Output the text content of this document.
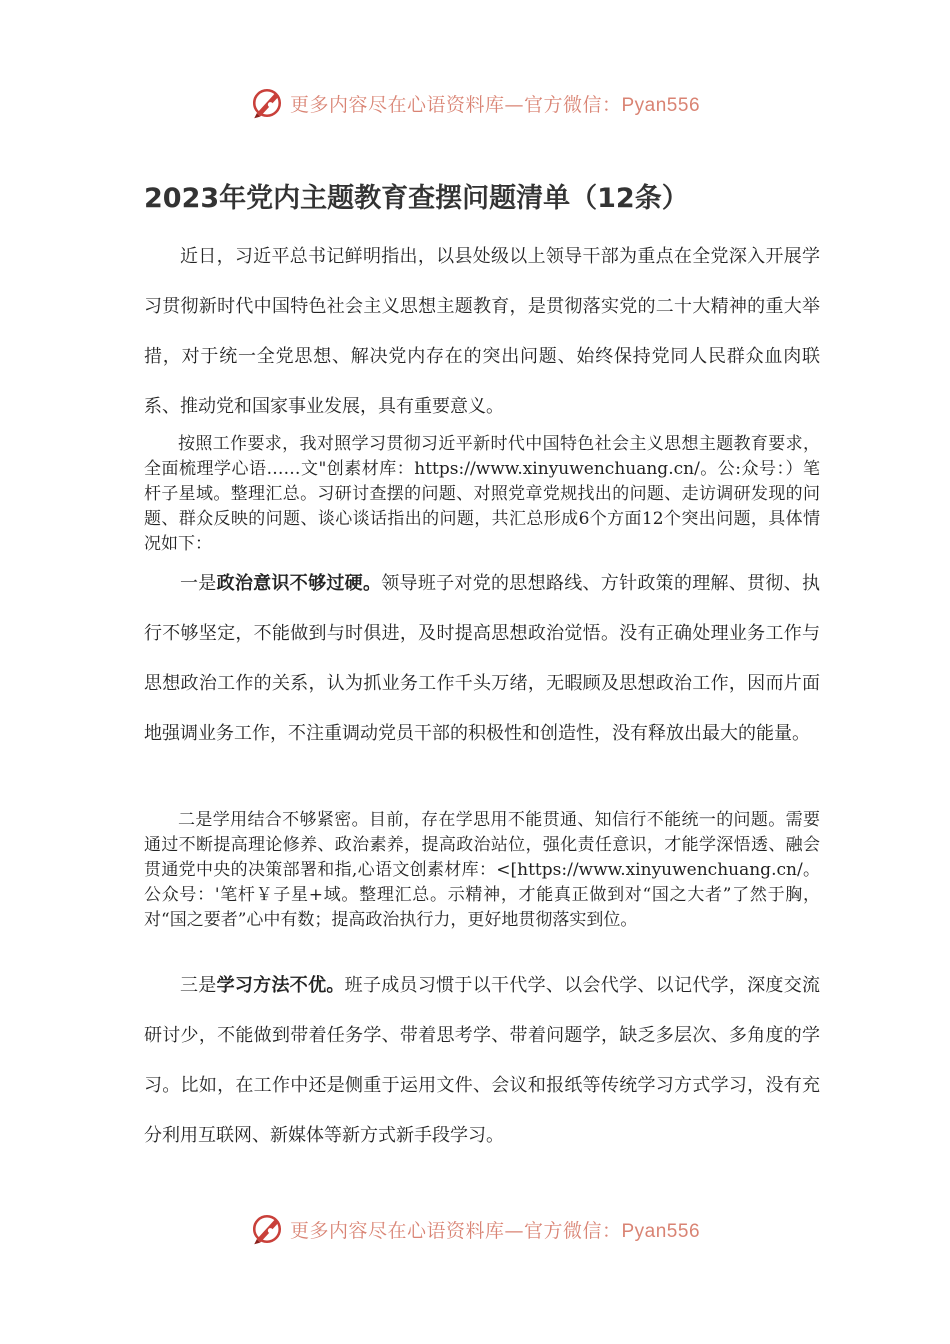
更多内容尽在心语资料库—官方微信：Pyan556
2023年党内主题教育查摆问题清单（12条）

近日，习近平总书记鲜明指出，以县处级以上领导干部为重点在全党深入开展学习贯彻新时代中国特色社会主义思想主题教育，是贯彻落实党的二十大精神的重大举措，对于统一全党思想、解决党内存在的突出问题、始终保持党同人民群众血肉联系、推动党和国家事业发展，具有重要意义。

按照工作要求，我对照学习贯彻习近平新时代中国特色社会主义思想主题教育要求，全面梳理学心语……文"创素材库：https://www.xinyuwenchuang.cn/。公:众号：）笔杆子星域。整理汇总。习研讨查摆的问题、对照党章党规找出的问题、走访调研发现的问题、群众反映的问题、谈心谈话指出的问题，共汇总形成6个方面12个突出问题，具体情况如下：

一是政治意识不够过硬。领导班子对党的思想路线、方针政策的理解、贯彻、执行不够坚定，不能做到与时俱进，及时提高思想政治觉悟。没有正确处理业务工作与思想政治工作的关系，认为抓业务工作千头万绪，无暇顾及思想政治工作，因而片面地强调业务工作，不注重调动党员干部的积极性和创造性，没有释放出最大的能量。

二是学用结合不够紧密。目前，存在学思用不能贯通、知信行不能统一的问题。需要通过不断提高理论修养、政治素养，提高政治站位，强化责任意识，才能学深悟透、融会贯通党中央的决策部署和指,心语文创素材库：<[https://www.xinyuwenchuang.cn/。公众号：'笔杆￥子星+域。整理汇总。示精神，才能真正做到对“国之大者”了然于胸，对“国之要者”心中有数；提高政治执行力，更好地贯彻落实到位。

三是学习方法不优。班子成员习惯于以干代学、以会代学、以记代学，深度交流研讨少，不能做到带着任务学、带着思考学、带着问题学，缺乏多层次、多角度的学习。比如，在工作中还是侧重于运用文件、会议和报纸等传统学习方式学习，没有充分利用互联网、新媒体等新方式新手段学习。

更多内容尽在心语资料库—官方微信：Pyan556
